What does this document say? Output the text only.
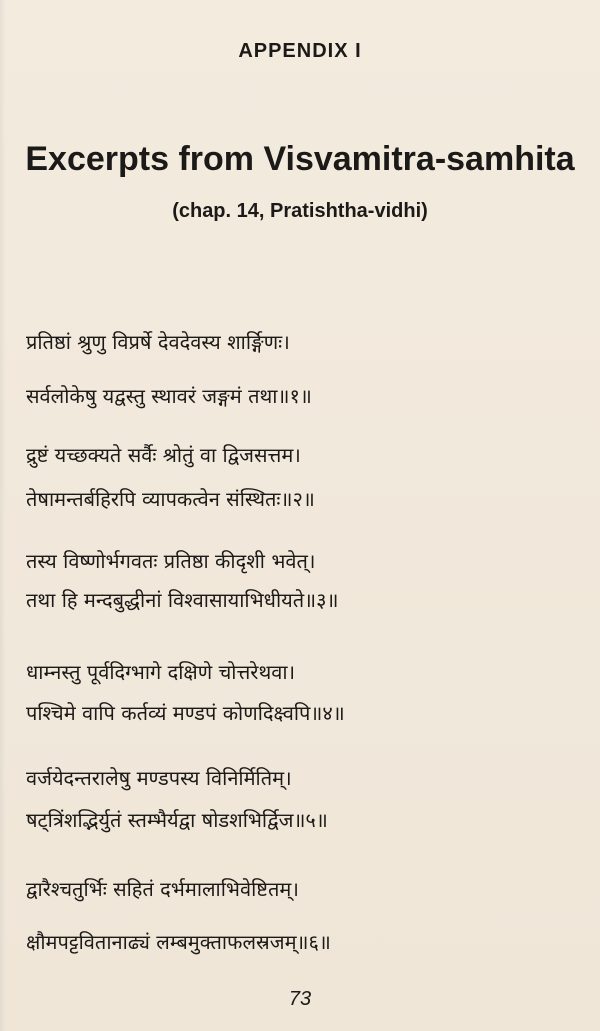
APPENDIX I
Excerpts from Visvamitra-samhita
(chap. 14, Pratishtha-vidhi)
प्रतिष्ठां श्रुणु विप्रर्षे देवदेवस्य शार्ङ्गिणः।
सर्वलोकेषु यद्वस्तु स्थावरं जङ्गमं तथा॥१॥
द्रुष्टं यच्छक्यते सर्वैः श्रोतुं वा द्विजसत्तम।
तेषामन्तर्बहिरपि व्यापकत्वेन संस्थितः॥२॥
तस्य विष्णोर्भगवतः प्रतिष्ठा कीदृशी भवेत्।
तथा हि मन्दबुद्धीनां विश्वासायाभिधीयते॥३॥
धाम्नस्तु पूर्वदिग्भागे दक्षिणे चोत्तरेथवा।
पश्चिमे वापि कर्तव्यं मण्डपं कोणदिक्ष्वपि॥४॥
वर्जयेदन्तरालेषु मण्डपस्य विनिर्मितिम्।
षट्त्रिंशद्भिर्युतं स्तम्भैर्यद्वा षोडशभिर्द्विज॥५॥
द्वारैश्चतुर्भिः सहितं दर्भमालाभिवेष्टितम्।
क्षौमपट्टवितानाढ्यं लम्बमुक्ताफलस्रजम्॥६॥
73
